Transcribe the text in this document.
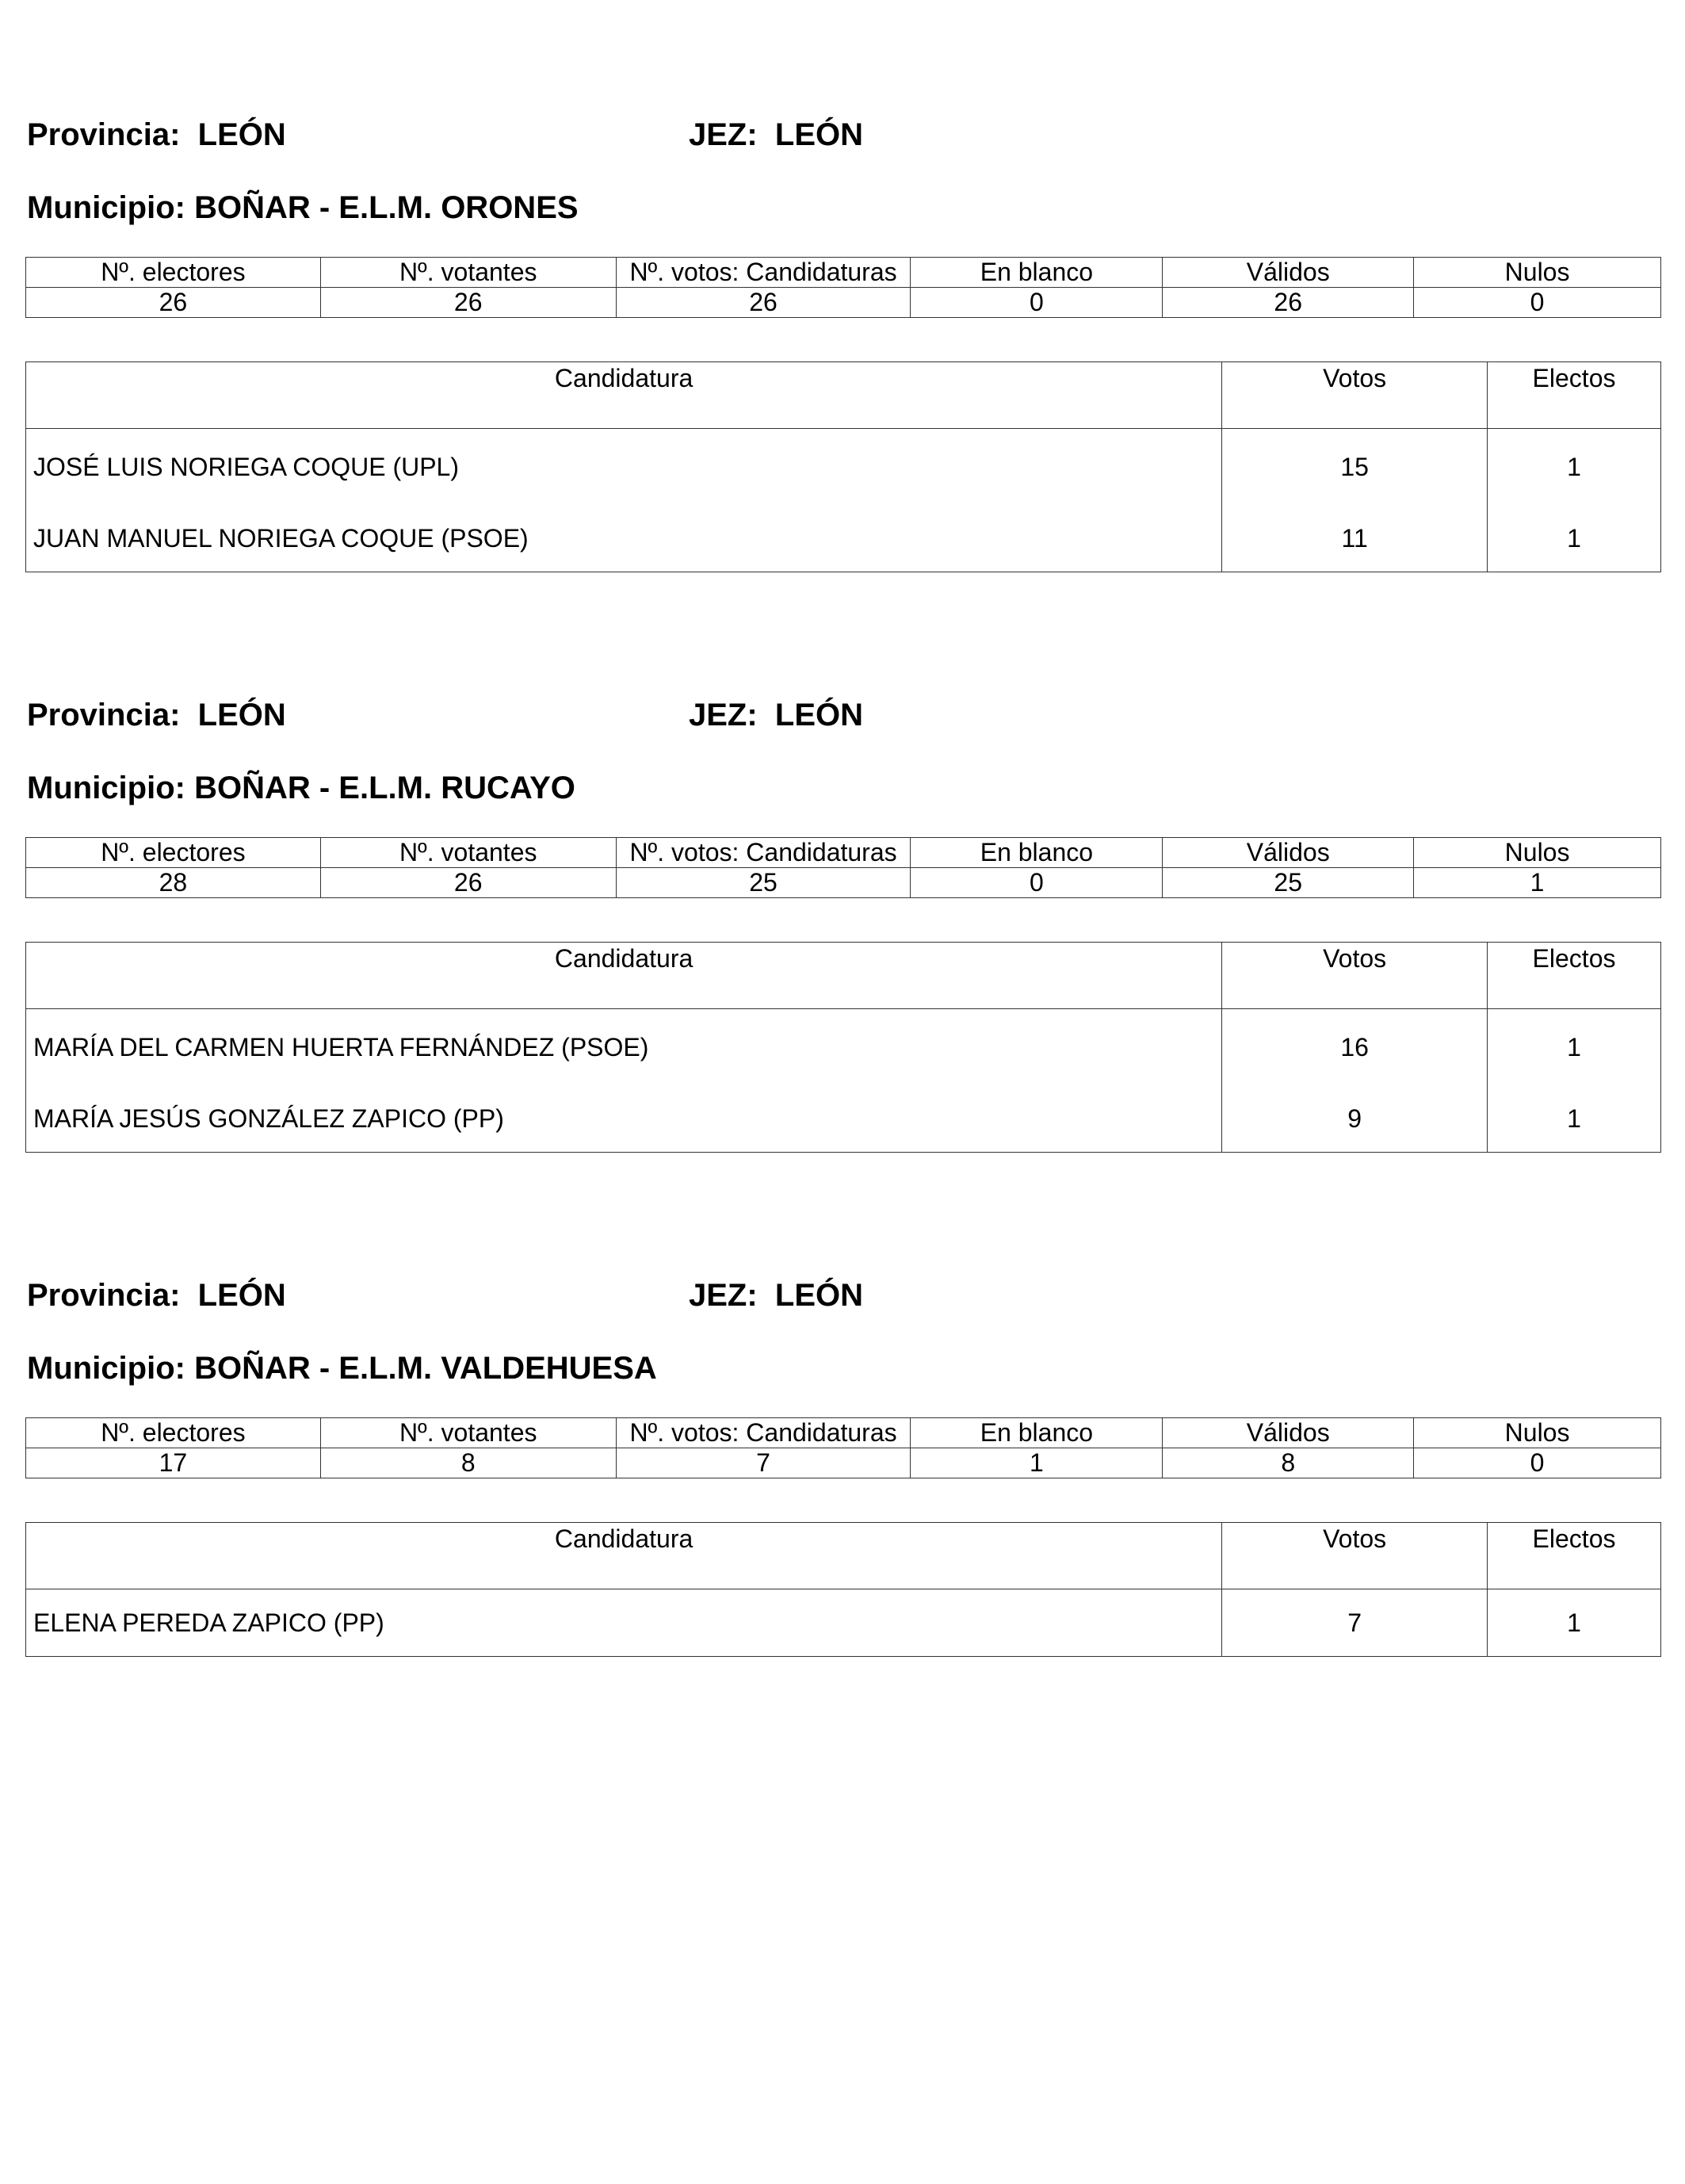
Provincia: LEÓN	JEZ: LEÓN
Municipio: BOÑAR - E.L.M. ORONES
Nº. electores	Nº. votantes	Nº. votos: Candidaturas	En blanco	Válidos	Nulos
26	26	26	0	26	0
Candidatura	Votos	Electos
JOSÉ LUIS NORIEGA COQUE (UPL)	15	1
JUAN MANUEL NORIEGA COQUE (PSOE)	11	1
Provincia: LEÓN	JEZ: LEÓN
Municipio: BOÑAR - E.L.M. RUCAYO
Nº. electores	Nº. votantes	Nº. votos: Candidaturas	En blanco	Válidos	Nulos
28	26	25	0	25	1
Candidatura	Votos	Electos
MARÍA DEL CARMEN HUERTA FERNÁNDEZ (PSOE)	16	1
MARÍA JESÚS GONZÁLEZ ZAPICO (PP)	9	1
Provincia: LEÓN	JEZ: LEÓN
Municipio: BOÑAR - E.L.M. VALDEHUESA
Nº. electores	Nº. votantes	Nº. votos: Candidaturas	En blanco	Válidos	Nulos
17	8	7	1	8	0
Candidatura	Votos	Electos
ELENA PEREDA ZAPICO (PP)	7	1
